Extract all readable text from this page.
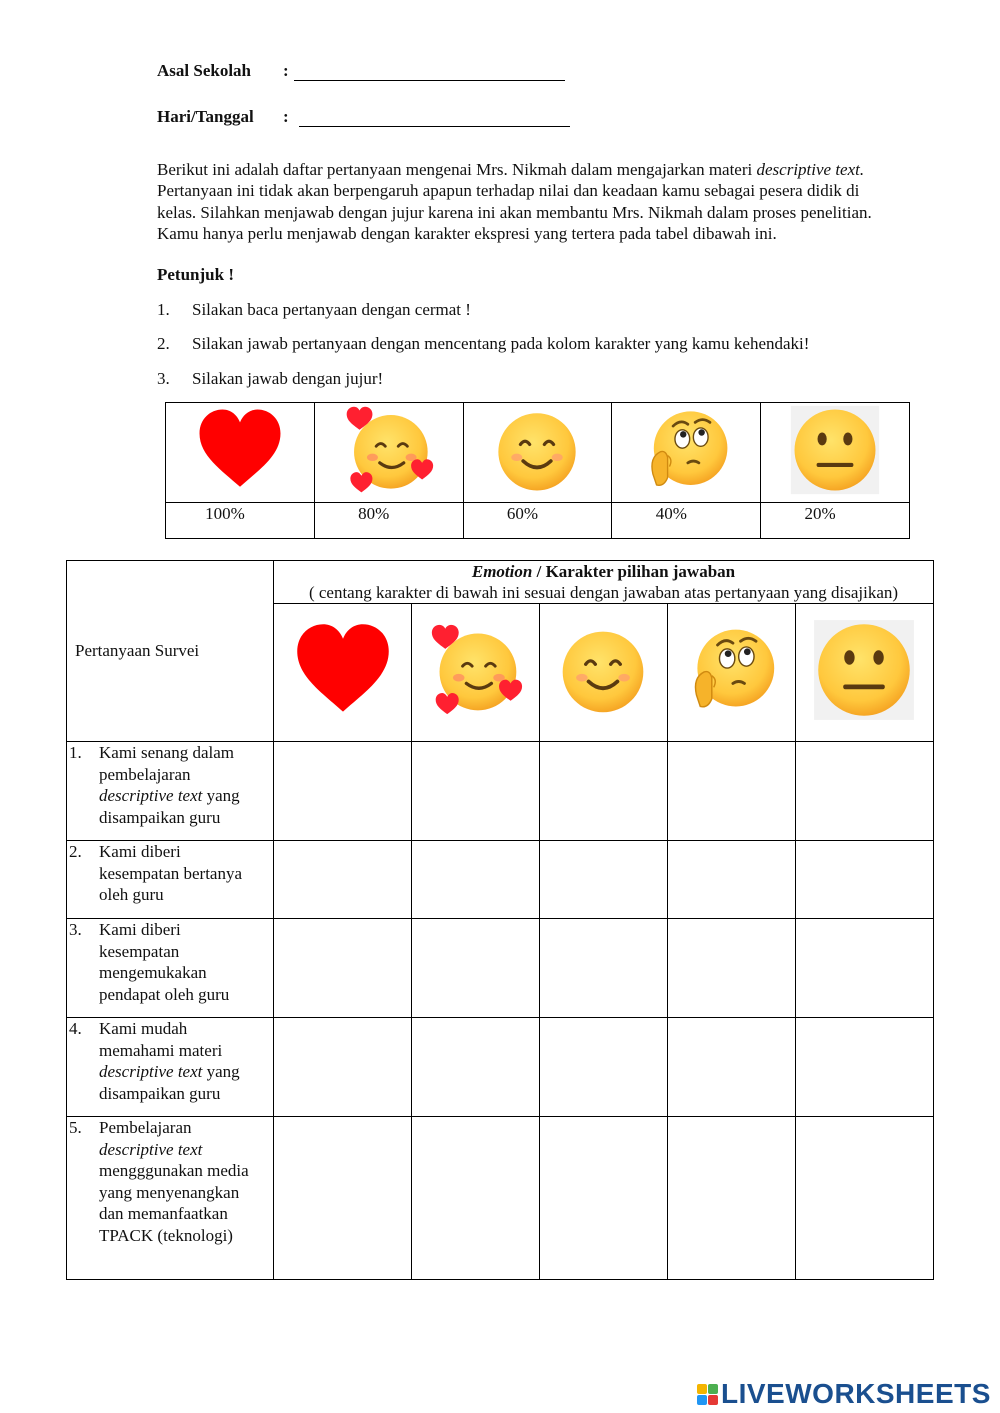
Asal Sekolah :
Hari/Tanggal :

Berikut ini adalah daftar pertanyaan mengenai Mrs. Nikmah dalam mengajarkan materi descriptive text. Pertanyaan ini tidak akan berpengaruh apapun terhadap nilai dan keadaan kamu sebagai pesera didik di kelas. Silahkan menjawab dengan jujur karena ini akan membantu Mrs. Nikmah dalam proses penelitian. Kamu hanya perlu menjawab dengan karakter ekspresi yang tertera pada tabel dibawah ini.

Petunjuk !
1. Silakan baca pertanyaan dengan cermat !
2. Silakan jawab pertanyaan dengan mencentang pada kolom karakter yang kamu kehendaki!
3. Silakan jawab dengan jujur!

100%	80%	60%	40%	20%
Pertanyaan Survei	Emotion / Karakter pilihan jawaban
( centang karakter di bawah ini sesuai dengan jawaban atas pertanyaan yang disajikan)				

1. Kami senang dalam pembelajaran descriptive text yang disampaikan guru					
2. Kami diberi kesempatan bertanya oleh guru					
3. Kami diberi kesempatan mengemukakan pendapat oleh guru					
4. Kami mudah memahami materi descriptive text yang disampaikan guru					
5. Pembelajaran descriptive text mengggunakan media yang menyenangkan dan memanfaatkan TPACK (teknologi)					
LIVEWORKSHEETS
